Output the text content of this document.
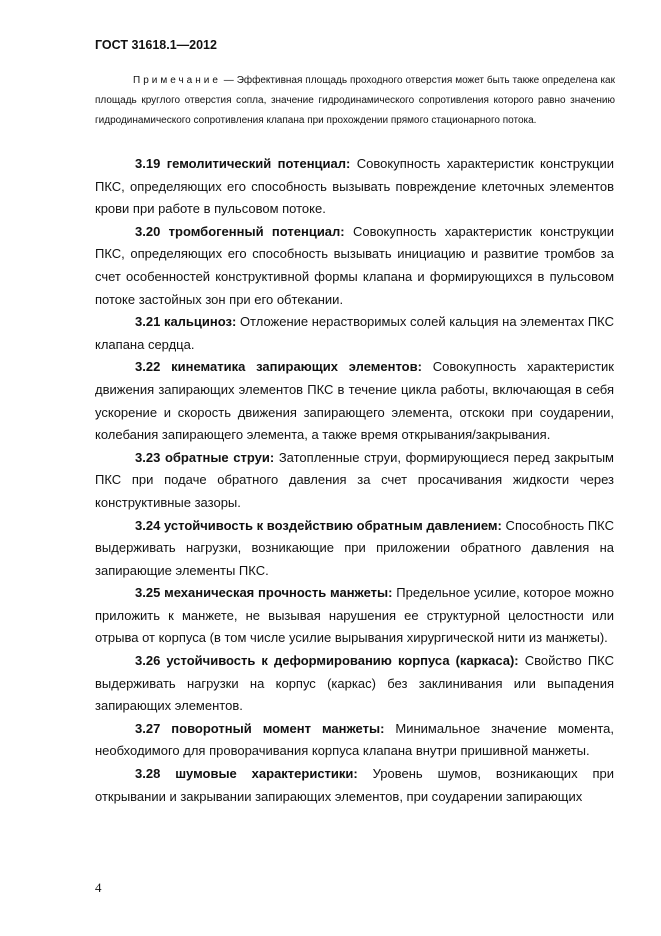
ГОСТ 31618.1—2012
Примечание — Эффективная площадь проходного отверстия может быть также определена как площадь круглого отверстия сопла, значение гидродинамического сопротивления которого равно значению гидродинамического сопротивления клапана при прохождении прямого стационарного потока.

3.19 гемолитический потенциал: Совокупность характеристик конструкции ПКС, определяющих его способность вызывать повреждение клеточных элементов крови при работе в пульсовом потоке.

3.20 тромбогенный потенциал: Совокупность характеристик конструкции ПКС, определяющих его способность вызывать инициацию и развитие тромбов за счет особенностей конструктивной формы клапана и формирующихся в пульсовом потоке застойных зон при его обтекании.

3.21 кальциноз: Отложение нерастворимых солей кальция на элементах ПКС клапана сердца.

3.22 кинематика запирающих элементов: Совокупность характеристик движения запирающих элементов ПКС в течение цикла работы, включающая в себя ускорение и скорость движения запирающего элемента, отскоки при соударении, колебания запирающего элемента, а также время открывания/закрывания.

3.23 обратные струи: Затопленные струи, формирующиеся перед закрытым ПКС при подаче обратного давления за счет просачивания жидкости через конструктивные зазоры.

3.24 устойчивость к воздействию обратным давлением: Способность ПКС выдерживать нагрузки, возникающие при приложении обратного давления на запирающие элементы ПКС.

3.25 механическая прочность манжеты: Предельное усилие, которое можно приложить к манжете, не вызывая нарушения ее структурной целостности или отрыва от корпуса (в том числе усилие вырывания хирургической нити из манжеты).

3.26 устойчивость к деформированию корпуса (каркаса): Свойство ПКС выдерживать нагрузки на корпус (каркас) без заклинивания или выпадения запирающих элементов.

3.27 поворотный момент манжеты: Минимальное значение момента, необходимого для проворачивания корпуса клапана внутри пришивной манжеты.

3.28 шумовые характеристики: Уровень шумов, возникающих при открывании и закрывании запирающих элементов, при соударении запирающих

4
